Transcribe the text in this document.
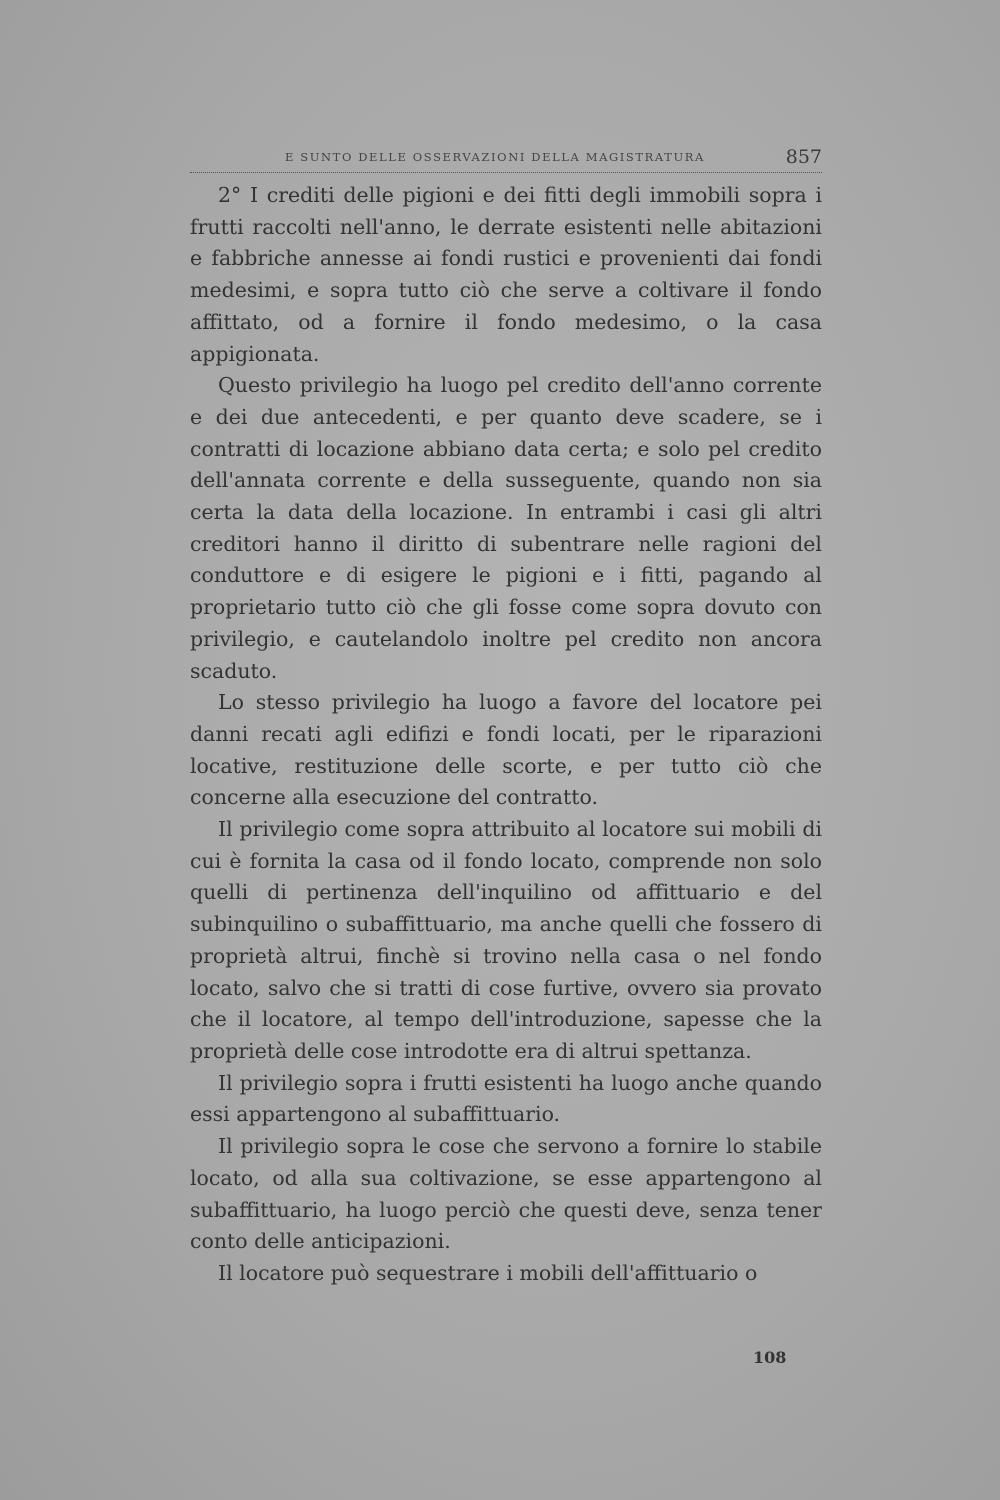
E SUNTO DELLE OSSERVAZIONI DELLA MAGISTRATURA	857

2° I crediti delle pigioni e dei fitti degli immobili sopra i frutti raccolti nell'anno, le derrate esistenti nelle abitazioni e fabbriche annesse ai fondi rustici e provenienti dai fondi medesimi, e sopra tutto ciò che serve a coltivare il fondo affittato, od a fornire il fondo medesimo, o la casa appigionata.

Questo privilegio ha luogo pel credito dell'anno corrente e dei due antecedenti, e per quanto deve scadere, se i contratti di locazione abbiano data certa; e solo pel credito dell'annata corrente e della susseguente, quando non sia certa la data della locazione. In entrambi i casi gli altri creditori hanno il diritto di subentrare nelle ragioni del conduttore e di esigere le pigioni e i fitti, pagando al proprietario tutto ciò che gli fosse come sopra dovuto con privilegio, e cautelandolo inoltre pel credito non ancora scaduto.

Lo stesso privilegio ha luogo a favore del locatore pei danni recati agli edifizi e fondi locati, per le riparazioni locative, restituzione delle scorte, e per tutto ciò che concerne alla esecuzione del contratto.

Il privilegio come sopra attribuito al locatore sui mobili di cui è fornita la casa od il fondo locato, comprende non solo quelli di pertinenza dell'inquilino od affittuario e del subinquilino o subaffittuario, ma anche quelli che fossero di proprietà altrui, finchè si trovino nella casa o nel fondo locato, salvo che si tratti di cose furtive, ovvero sia provato che il locatore, al tempo dell'introduzione, sapesse che la proprietà delle cose introdotte era di altrui spettanza.

Il privilegio sopra i frutti esistenti ha luogo anche quando essi appartengono al subaffittuario.

Il privilegio sopra le cose che servono a fornire lo stabile locato, od alla sua coltivazione, se esse appartengono al subaffittuario, ha luogo perciò che questi deve, senza tener conto delle anticipazioni.

Il locatore può sequestrare i mobili dell'affittuario o

108
